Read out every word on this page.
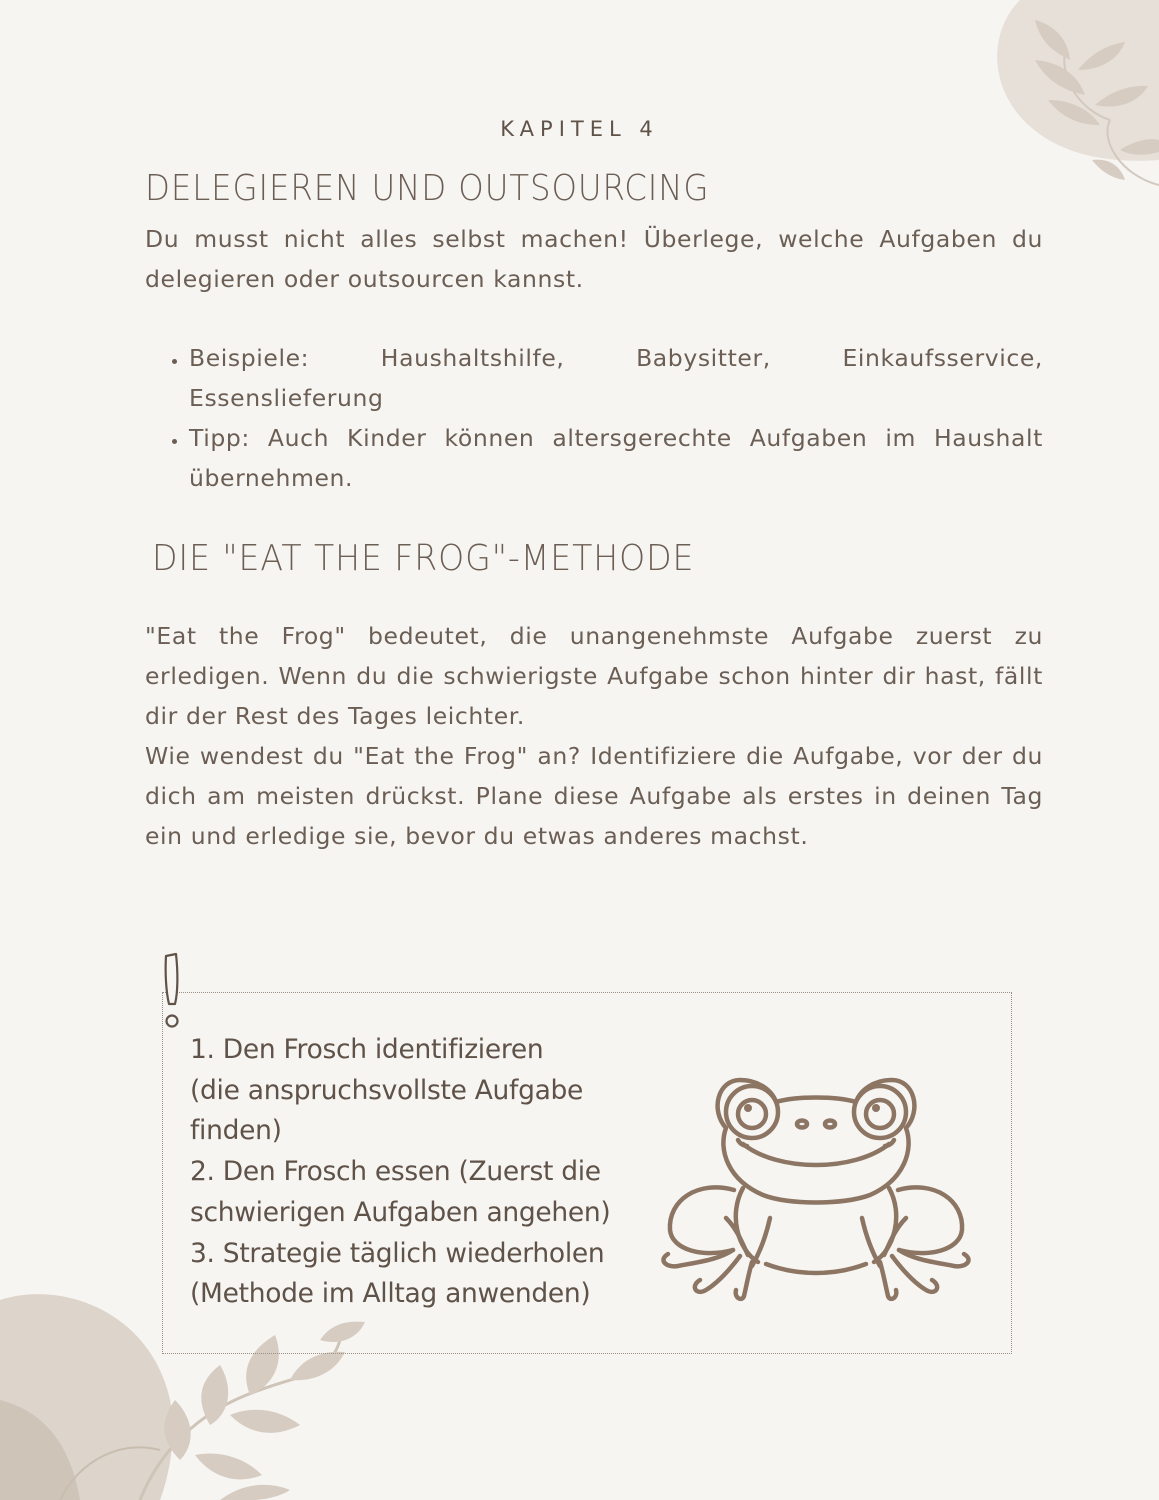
KAPITEL 4
DELEGIEREN UND OUTSOURCING

Du musst nicht alles selbst machen! Überlege, welche Aufgaben du delegieren oder outsourcen kannst.

• Beispiele: Haushaltshilfe, Babysitter, Einkaufsservice,
Essenslieferung
• Tipp: Auch Kinder können altersgerechte Aufgaben im Haushalt übernehmen.
DIE "EAT THE FROG"-METHODE

"Eat the Frog" bedeutet, die unangenehmste Aufgabe zuerst zu erledigen. Wenn du die schwierigste Aufgabe schon hinter dir hast, fällt dir der Rest des Tages leichter.

Wie wendest du "Eat the Frog" an? Identifiziere die Aufgabe, vor der du dich am meisten drückst. Plane diese Aufgabe als erstes in deinen Tag ein und erledige sie, bevor du etwas anderes machst.

1. Den Frosch identifizieren
(die anspruchsvollste Aufgabe
finden)
2. Den Frosch essen (Zuerst die
schwierigen Aufgaben angehen)
3. Strategie täglich wiederholen
(Methode im Alltag anwenden)
